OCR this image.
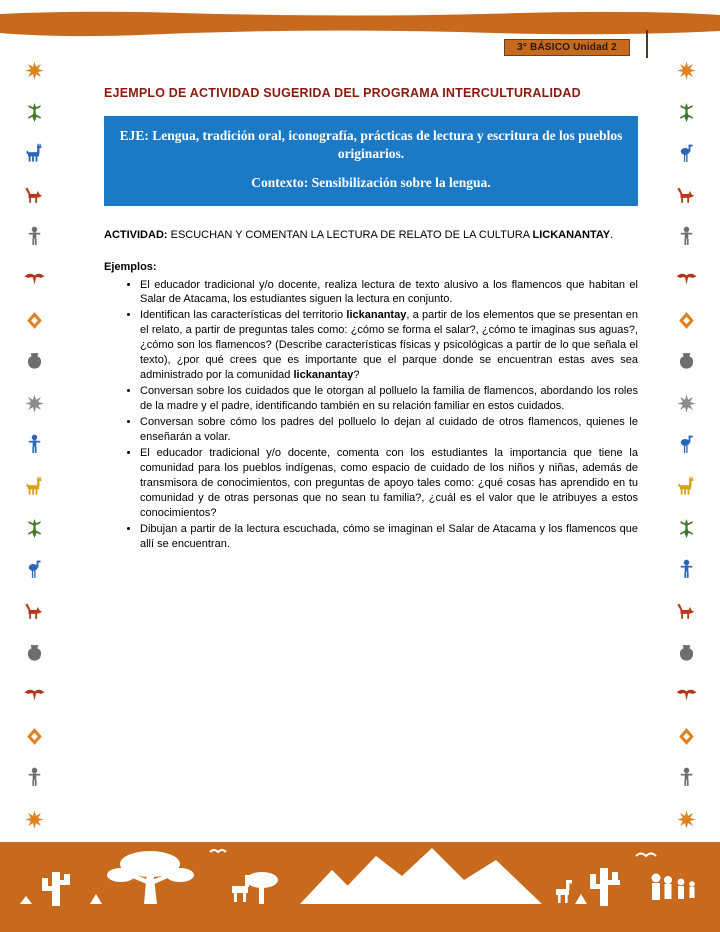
3° BÁSICO Unidad 2
EJEMPLO DE ACTIVIDAD SUGERIDA DEL PROGRAMA INTERCULTURALIDAD
EJE: Lengua, tradición oral, iconografía, prácticas de lectura y escritura de los pueblos originarios.
Contexto: Sensibilización sobre la lengua.
ACTIVIDAD: ESCUCHAN Y COMENTAN LA LECTURA DE RELATO DE LA CULTURA LICKANANTAY.
Ejemplos:
• El educador tradicional y/o docente, realiza lectura de texto alusivo a los flamencos que habitan el Salar de Atacama, los estudiantes siguen la lectura en conjunto.
• Identifican las características del territorio lickanantay, a partir de los elementos que se presentan en el relato, a partir de preguntas tales como: ¿cómo se forma el salar?, ¿cómo te imaginas sus aguas?, ¿cómo son los flamencos? (Describe características físicas y psicológicas a partir de lo que señala el texto), ¿por qué crees que es importante que el parque donde se encuentran estas aves sea administrado por la comunidad lickanantay?
• Conversan sobre los cuidados que le otorgan al polluelo la familia de flamencos, abordando los roles de la madre y el padre, identificando también en su relación familiar en estos cuidados.
• Conversan sobre cómo los padres del polluelo lo dejan al cuidado de otros flamencos, quienes le enseñarán a volar.
• El educador tradicional y/o docente, comenta con los estudiantes la importancia que tiene la comunidad para los pueblos indígenas, como espacio de cuidado de los niños y niñas, además de transmisora de conocimientos, con preguntas de apoyo tales como: ¿qué cosas has aprendido en tu comunidad y de otras personas que no sean tu familia?, ¿cuál es el valor que le atribuyes a estos conocimientos?
• Dibujan a partir de la lectura escuchada, cómo se imaginan el Salar de Atacama y los flamencos que allí se encuentran.
